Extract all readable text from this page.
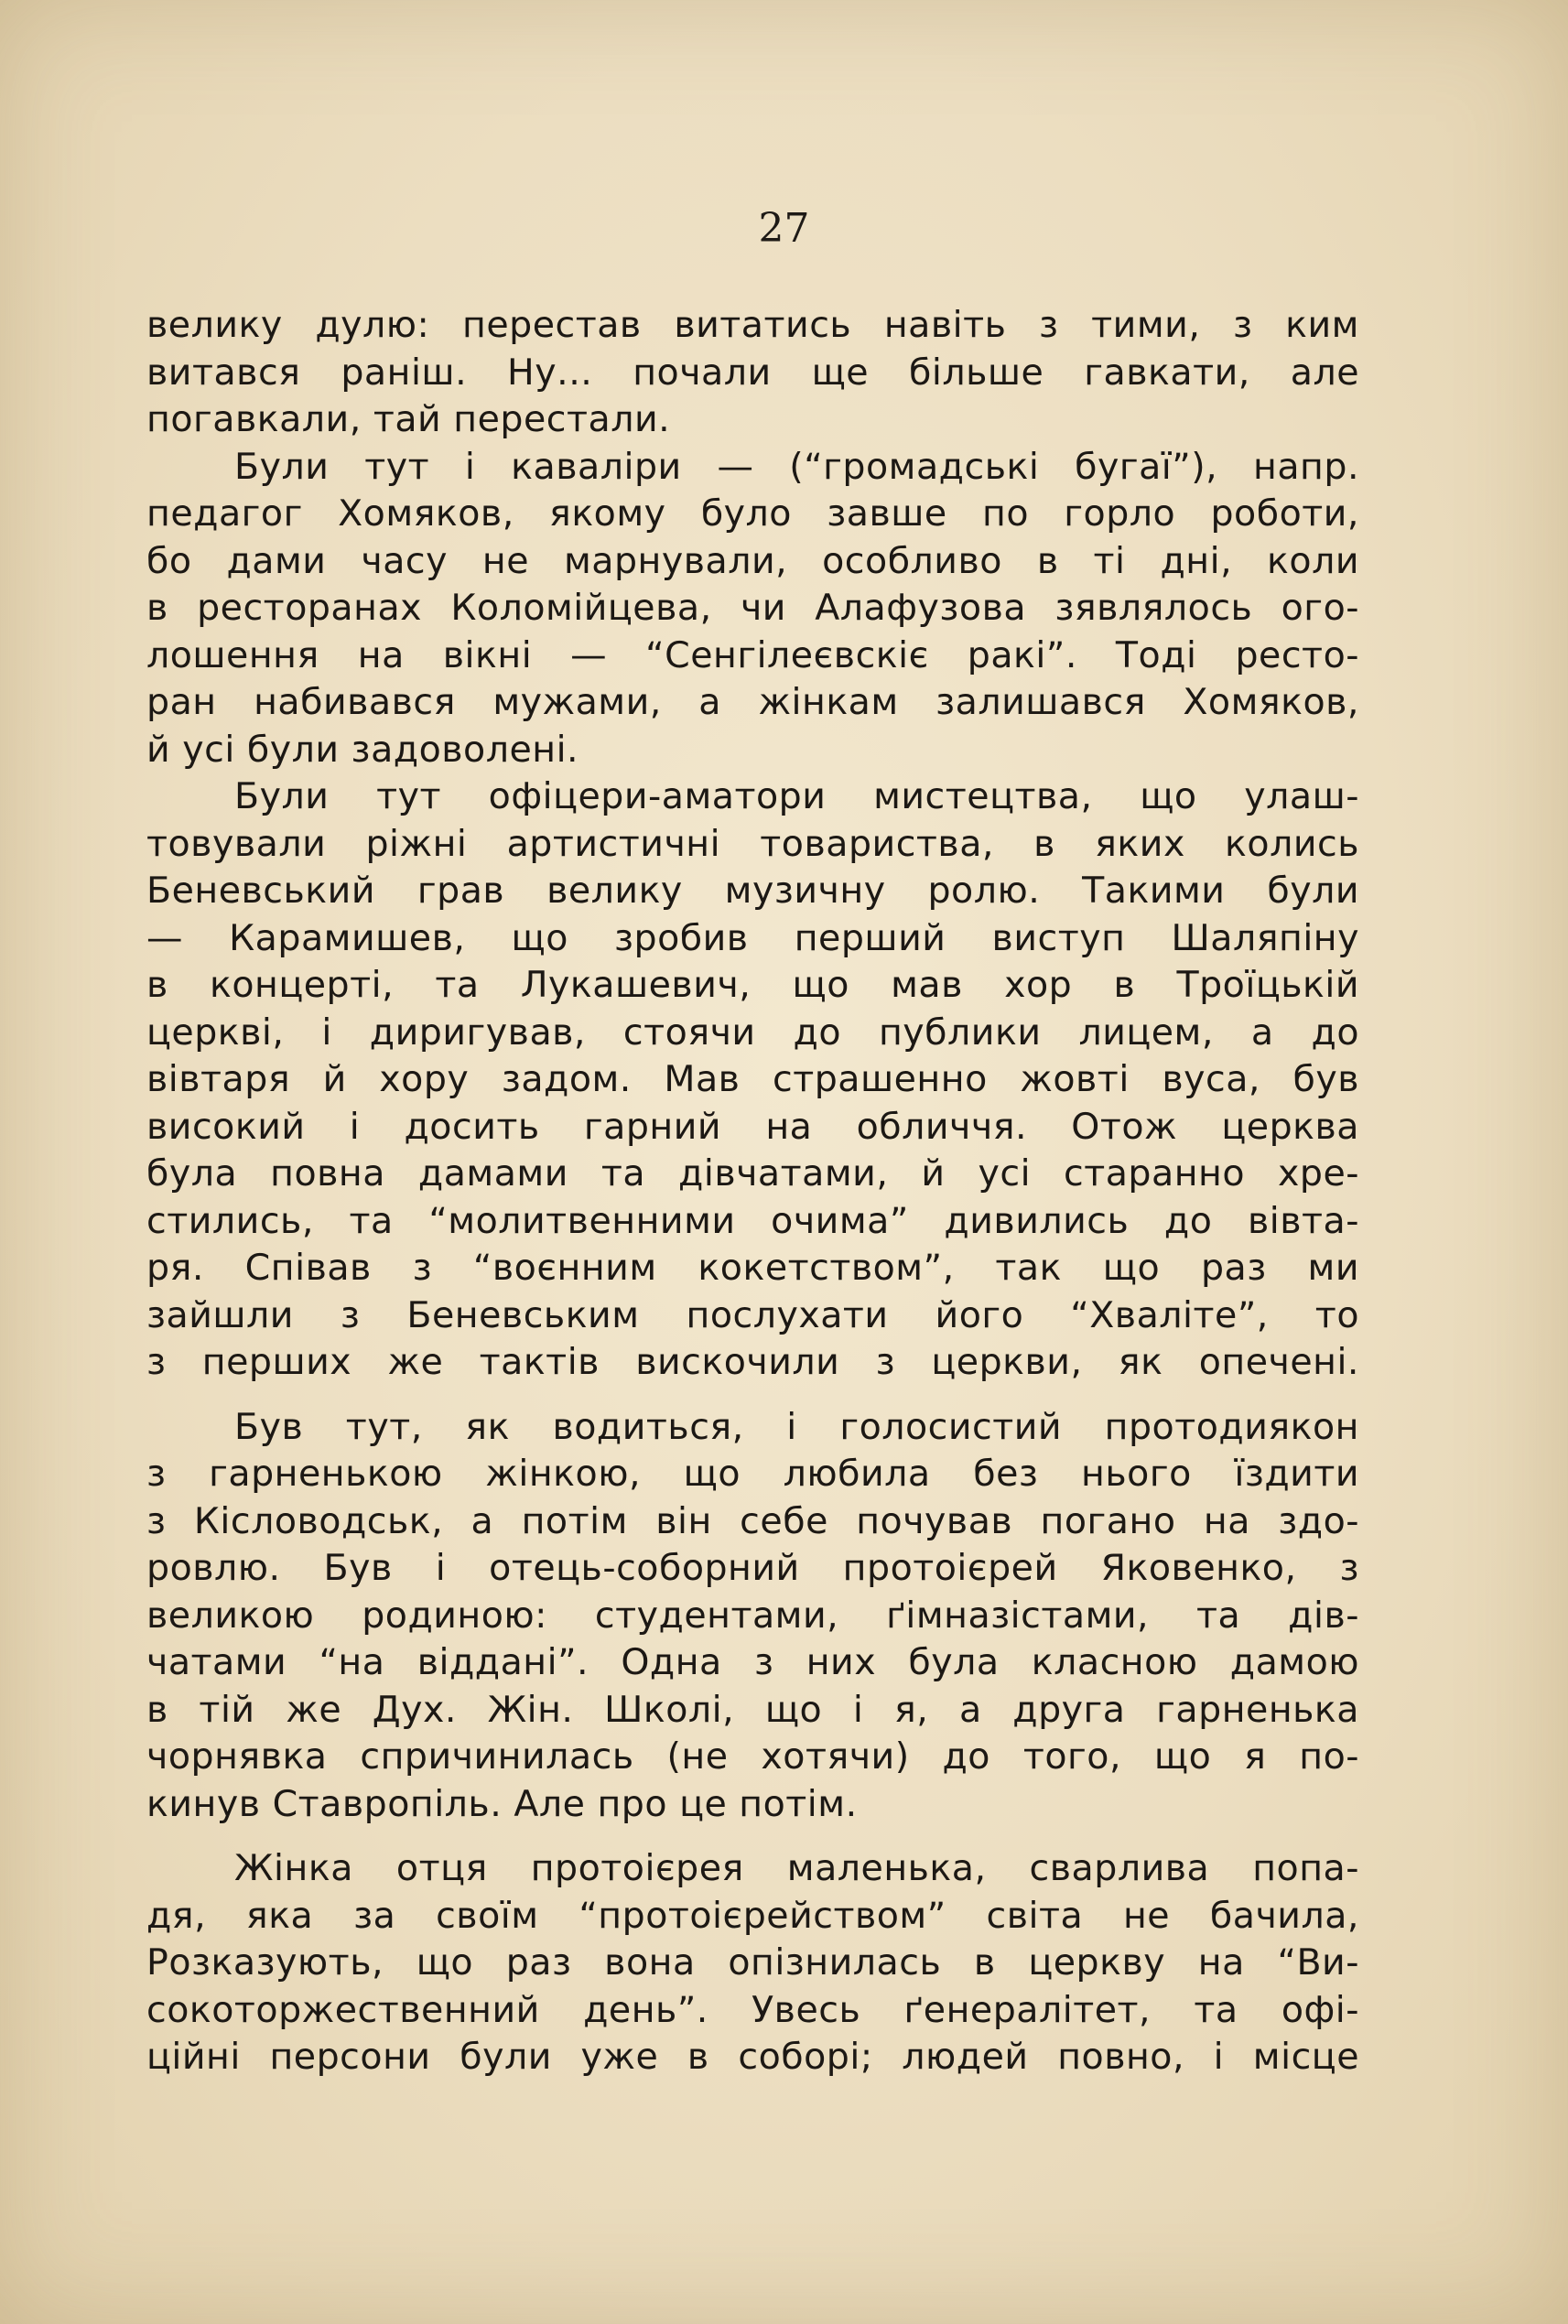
27

велику дулю: перестав витатись навіть з тими, з ким
витався раніш. Ну... почали ще більше гавкати, але
погавкали, тай перестали.

Були тут і каваліри — (“громадські бугаї”), напр.
педагог Хомяков, якому було завше по горло роботи,
бо дами часу не марнували, особливо в ті дні, коли
в ресторанах Коломійцева, чи Алафузова зявлялось ого-
лошення на вікні — “Сенгілеєвскіє ракі”. Тоді ресто-
ран набивався мужами, а жінкам залишався Хомяков,
й усі були задоволені.

Були тут офіцери-аматори мистецтва, що улаш-
товували ріжні артистичні товариства, в яких колись
Беневський грав велику музичну ролю. Такими були
— Карамишев, що зробив перший виступ Шаляпіну
в концерті, та Лукашевич, що мав хор в Троїцькій
церкві, і диригував, стоячи до публики лицем, а до
вівтаря й хору задом. Мав страшенно жовті вуса, був
високий і досить гарний на обличчя. Отож церква
була повна дамами та дівчатами, й усі старанно хре-
стились, та “молитвенними очима” дивились до вівта-
ря. Співав з “воєнним кокетством”, так що раз ми
зайшли з Беневським послухати його “Хваліте”, то
з перших же тактів вискочили з церкви, як опечені.

Був тут, як водиться, і голосистий протодиякон
з гарненькою жінкою, що любила без нього їздити
з Кісловодськ, а потім він себе почував погано на здо-
ровлю. Був і отець-соборний протоієрей Яковенко, з
великою родиною: студентами, ґімназістами, та дів-
чатами “на віддані”. Одна з них була класною дамою
в тій же Дух. Жін. Школі, що і я, а друга гарненька
чорнявка спричинилась (не хотячи) до того, що я по-
кинув Ставропіль. Але про це потім.

Жінка отця протоієрея маленька, сварлива попа-
дя, яка за своїм “протоієрейством” світа не бачила,
Розказують, що раз вона опізнилась в церкву на “Ви-
сокоторжественний день”. Увесь ґенералітет, та офі-
ційні персони були уже в соборі; людей повно, і місце
